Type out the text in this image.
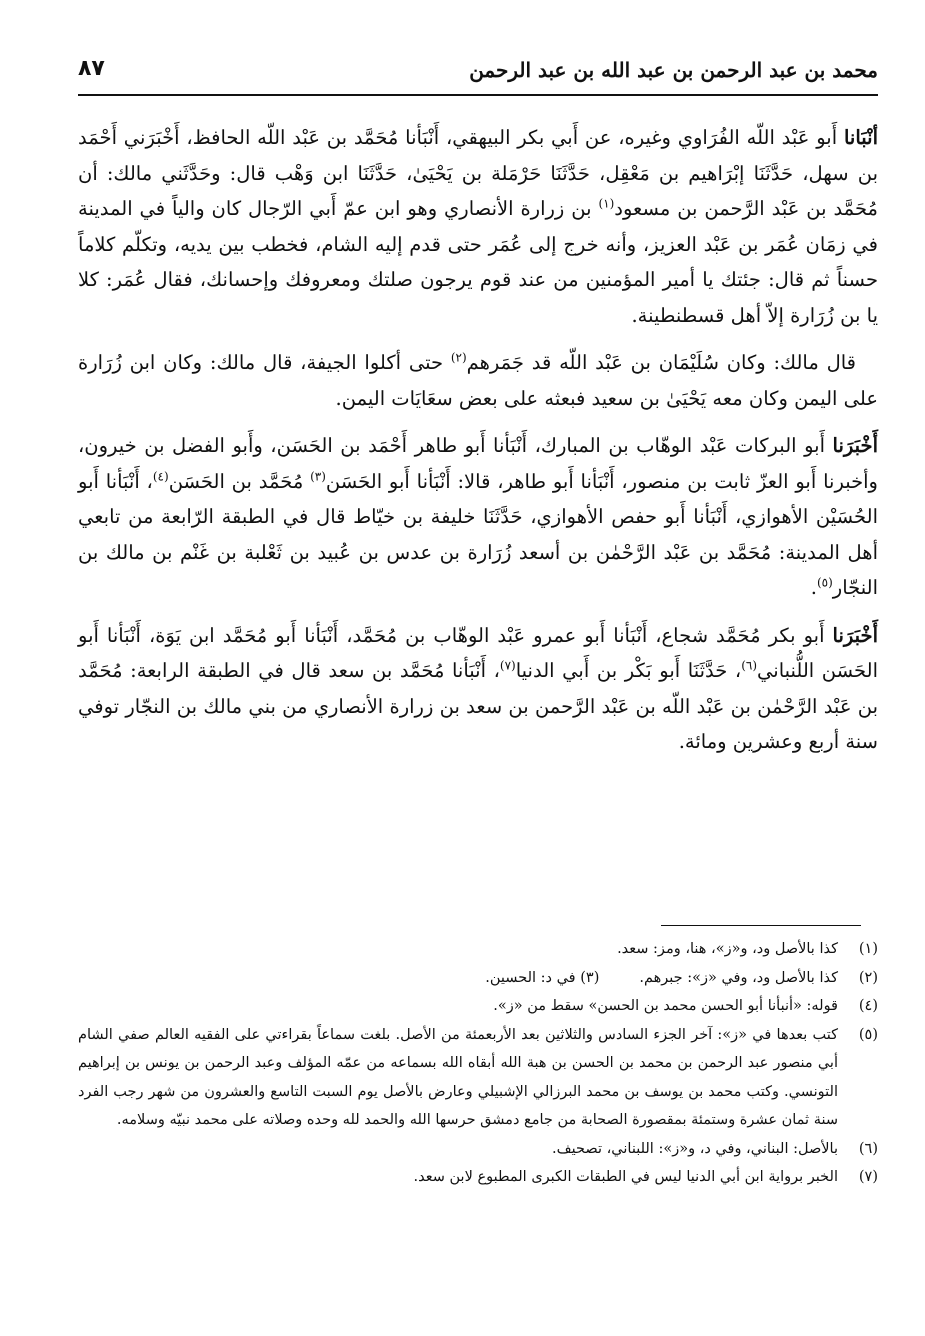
محمد بن عبد الرحمن بن عبد الله بن عبد الرحمن
٨٧

أنْبَانا أَبو عَبْد اللّه الفُرَاوي وغيره، عن أَبي بكر البيهقي، أَنْبَأنا مُحَمَّد بن عَبْد اللّه الحافظ، أَخْبَرَني أَحْمَد بن سهل، حَدَّثَنَا إبْرَاهيم بن مَعْقِل، حَدَّثَنَا حَرْمَلة بن يَحْيَىٰ، حَدَّثَنَا ابن وَهْب قال: وحَدَّثَني مالك: أن مُحَمَّد بن عَبْد الرَّحمن بن مسعود$^{(١)}$ بن زرارة الأنصاري وهو ابن عمّ أَبي الرّجال كان والياً في المدينة في زمَان عُمَر بن عَبْد العزيز، وأنه خرج إلى عُمَر حتى قدم إليه الشام، فخطب بين يديه، وتكلّم كلاماً حسناً ثم قال: جئتك يا أمير المؤمنين من عند قوم يرجون صلتك ومعروفك وإحسانك، فقال عُمَر: كلا يا بن زُرَارة إلاّ أهل قسطنطينة.

قال مالك: وكان سُلَيْمَان بن عَبْد اللّه قد جَمَرهم$^{(٢)}$ حتى أكلوا الجيفة، قال مالك: وكان ابن زُرَارة على اليمن وكان معه يَحْيَىٰ بن سعيد فبعثه على بعض سعَايَات اليمن.

أَخْبَرَنا أَبو البركات عَبْد الوهّاب بن المبارك، أَنْبَأنا أَبو طاهر أَحْمَد بن الحَسَن، وأَبو الفضل بن خيرون، وأخبرنا أَبو العزّ ثابت بن منصور، أَنْبَأنا أَبو طاهر، قالا: أَنْبَأنا أَبو الحَسَن$^{(٣)}$ مُحَمَّد بن الحَسَن$^{(٤)}$، أَنْبَأنا أَبو الحُسَيْن الأهوازي، أَنْبَأنا أَبو حفص الأهوازي، حَدَّثَنَا خليفة بن خيّاط قال في الطبقة الرّابعة من تابعي أهل المدينة: مُحَمَّد بن عَبْد الرَّحْمٰن بن أسعد زُرَارة بن عدس بن عُبيد بن ثَعْلبة بن غَنْم بن مالك بن النجّار$^{(٥)}$.

أَخْبَرَنا أَبو بكر مُحَمَّد شجاع، أَنْبَأنا أَبو عمرو عَبْد الوهّاب بن مُحَمَّد، أَنْبَأنا أَبو مُحَمَّد ابن يَوَة، أَنْبَأنا أَبو الحَسَن اللُّنباني$^{(٦)}$، حَدَّثَنَا أَبو بَكْر بن أَبي الدنيا$^{(٧)}$، أَنْبَأنا مُحَمَّد بن سعد قال في الطبقة الرابعة: مُحَمَّد بن عَبْد الرَّحْمٰن بن عَبْد اللّه بن عَبْد الرَّحمن بن سعد بن زرارة الأنصاري من بني مالك بن النجّار توفي سنة أربع وعشرين ومائة.

(١)
كذا بالأصل ود، و«ز»، هنا، ومز: سعد.
(٢)
كذا بالأصل ود، وفي «ز»: جبرهم.
(٣)

في د: الحسين.
(٤)
قوله: «أنبأنا أبو الحسن محمد بن الحسن» سقط من «ز».
(٥)
كتب بعدها في «ز»: آخر الجزء السادس والثلاثين بعد الأربعمئة من الأصل. بلغت سماعاً بقراءتي على الفقيه العالم صفي الشام أبي منصور عبد الرحمن بن محمد بن الحسن بن هبة الله أبقاه الله بسماعه من عمّه المؤلف وعبد الرحمن بن يونس بن إبراهيم التونسي. وكتب محمد بن يوسف بن محمد البرزالي الإشبيلي وعارض بالأصل يوم السبت التاسع والعشرون من شهر رجب الفرد سنة ثمان عشرة وستمئة بمقصورة الصحابة من جامع دمشق حرسها الله والحمد لله وحده وصلاته على محمد نبيّه وسلامه.
(٦)
بالأصل: البناني، وفي د، و«ز»: اللبناني، تصحيف.
(٧)
الخبر برواية ابن أبي الدنيا ليس في الطبقات الكبرى المطبوع لابن سعد.
